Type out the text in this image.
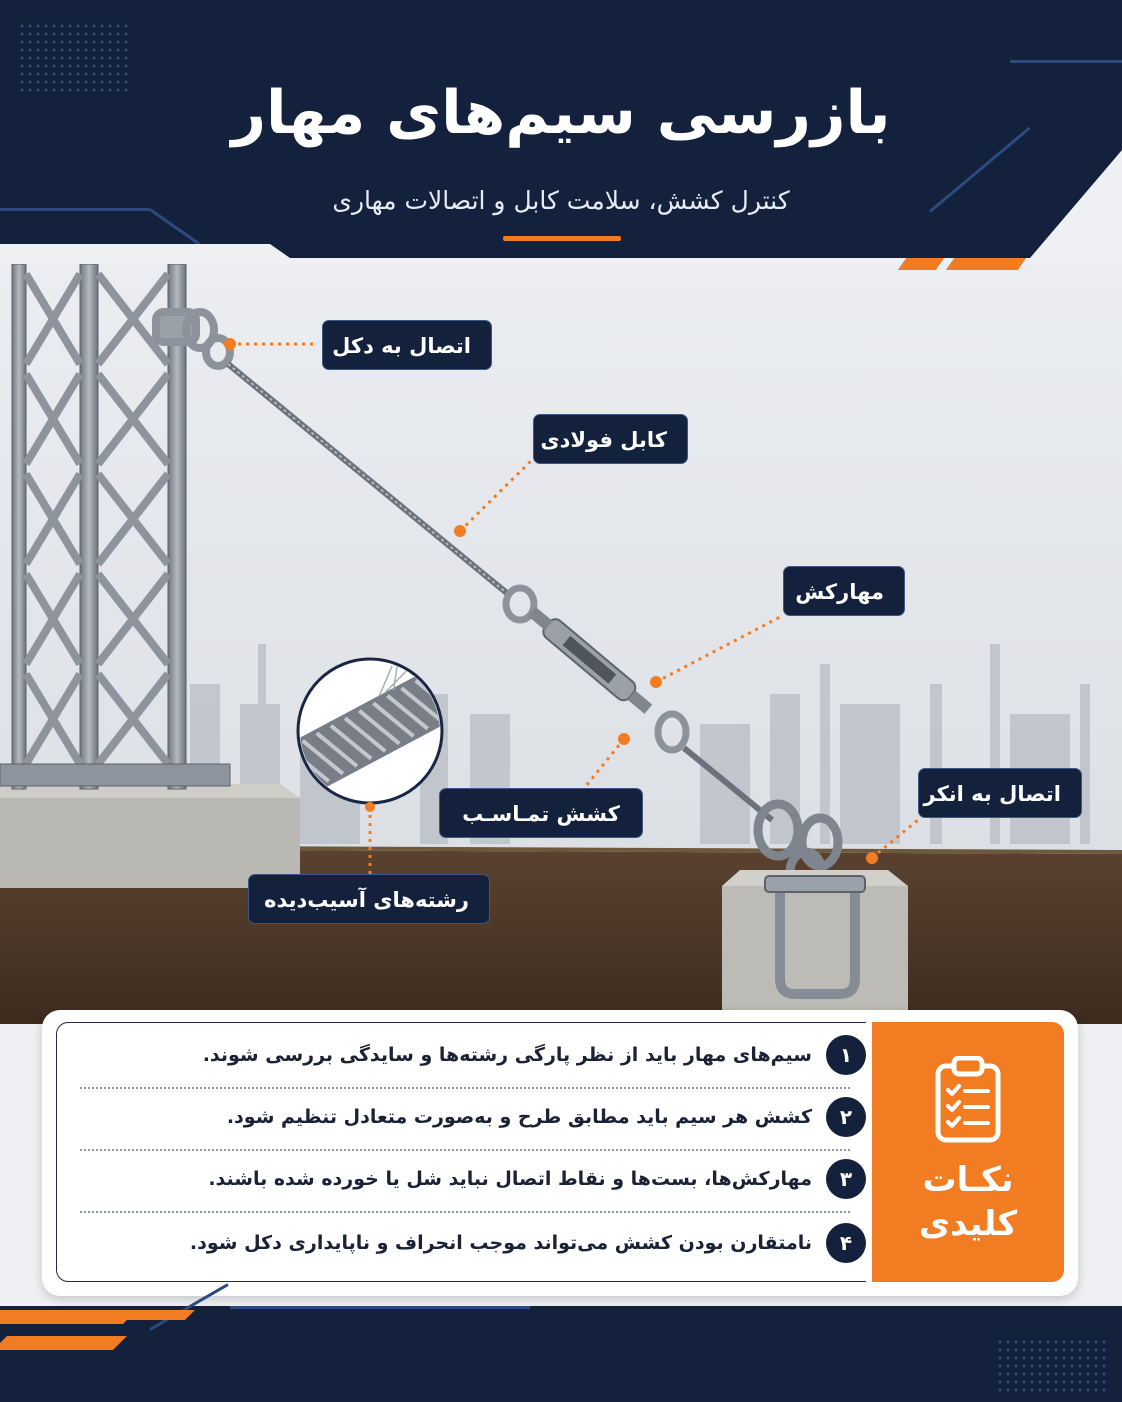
بازرسی سیم‌های مهار
کنترل کشش، سلامت کابل و اتصالات مهاری
اتصال به دکل
کابل فولادی
مهارکش
کشش تم‍ـاسـب
اتصال به انکر
رشته‌های آسیب‌دیده
نکـات
کلیدی
۱
سیم‌های مهار باید از نظر پارگی رشته‌ها و سایدگی بررسی شوند.
۲
کشش هر سیم باید مطابق طرح و به‌صورت متعادل تنظیم شود.
۳
مهارکش‌ها، بست‌ها و نقاط اتصال نباید شل یا خورده شده باشند.
۴
نامتقارن بودن کشش می‌تواند موجب انحراف و ناپایداری دکل شود.
